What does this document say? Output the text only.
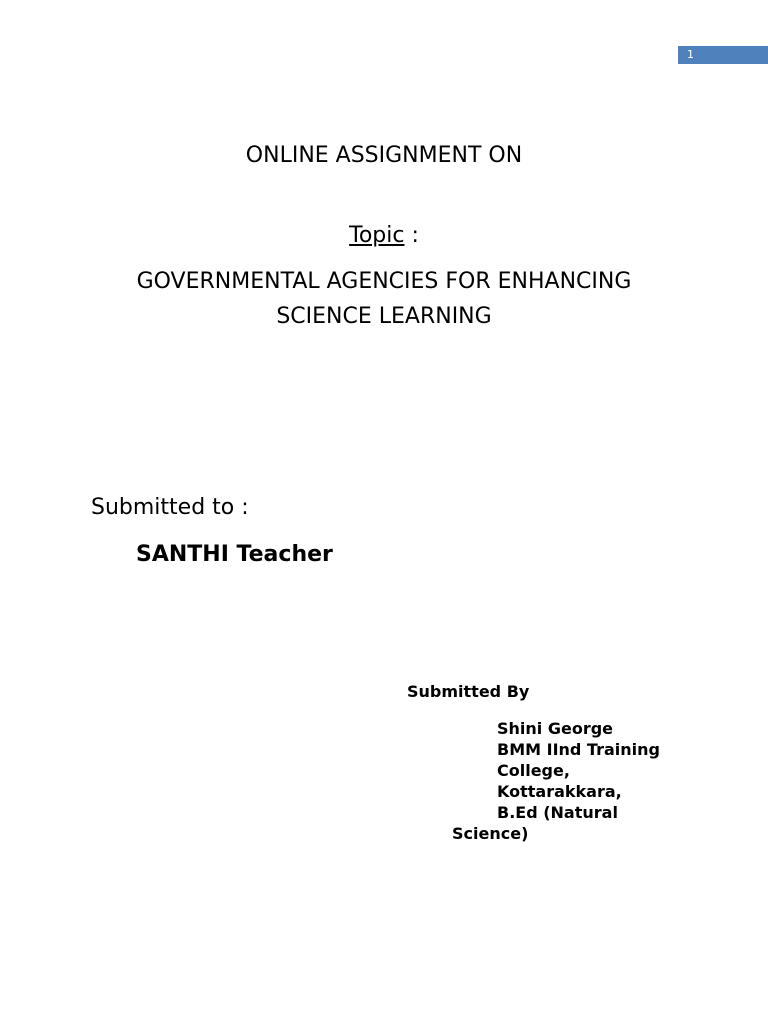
1
ONLINE ASSIGNMENT ON
Topic :
GOVERNMENTAL AGENCIES FOR ENHANCING
SCIENCE LEARNING
Submitted to :
SANTHI Teacher
Submitted By
Shini George
BMM IInd Training
College,
Kottarakkara,
B.Ed (Natural
Science)
